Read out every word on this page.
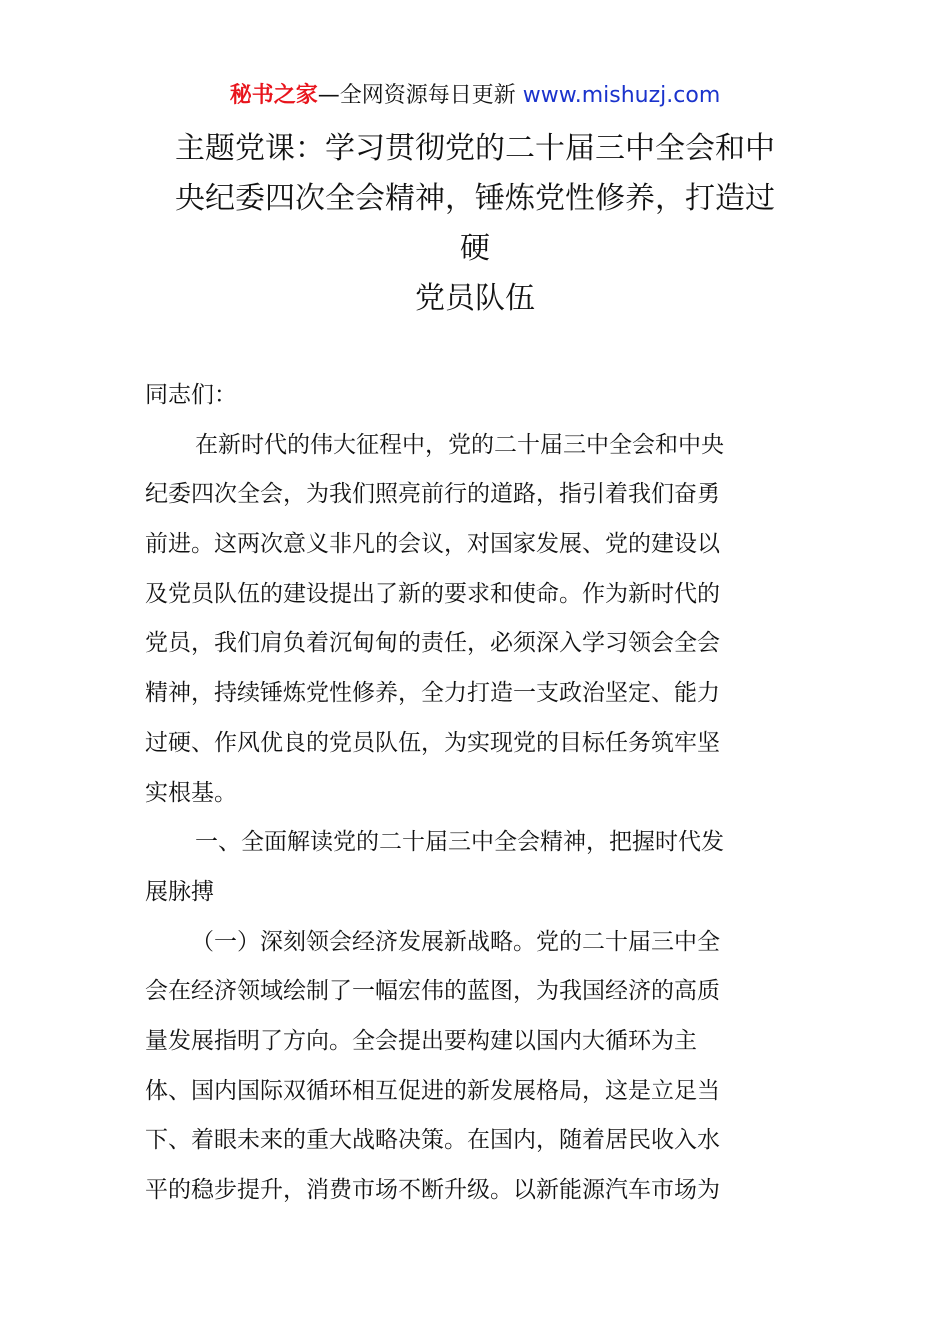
秘书之家—全网资源每日更新 www.mishuzj.com
主题党课：学习贯彻党的二十届三中全会和中
央纪委四次全会精神，锤炼党性修养，打造过
硬
党员队伍
同志们：
在新时代的伟大征程中，党的二十届三中全会和中央
纪委四次全会，为我们照亮前行的道路，指引着我们奋勇
前进。这两次意义非凡的会议，对国家发展、党的建设以
及党员队伍的建设提出了新的要求和使命。作为新时代的
党员，我们肩负着沉甸甸的责任，必须深入学习领会全会
精神，持续锤炼党性修养，全力打造一支政治坚定、能力
过硬、作风优良的党员队伍，为实现党的目标任务筑牢坚
实根基。
一、全面解读党的二十届三中全会精神，把握时代发
展脉搏
（一）深刻领会经济发展新战略。党的二十届三中全
会在经济领域绘制了一幅宏伟的蓝图，为我国经济的高质
量发展指明了方向。全会提出要构建以国内大循环为主
体、国内国际双循环相互促进的新发展格局，这是立足当
下、着眼未来的重大战略决策。在国内，随着居民收入水
平的稳步提升，消费市场不断升级。以新能源汽车市场为
